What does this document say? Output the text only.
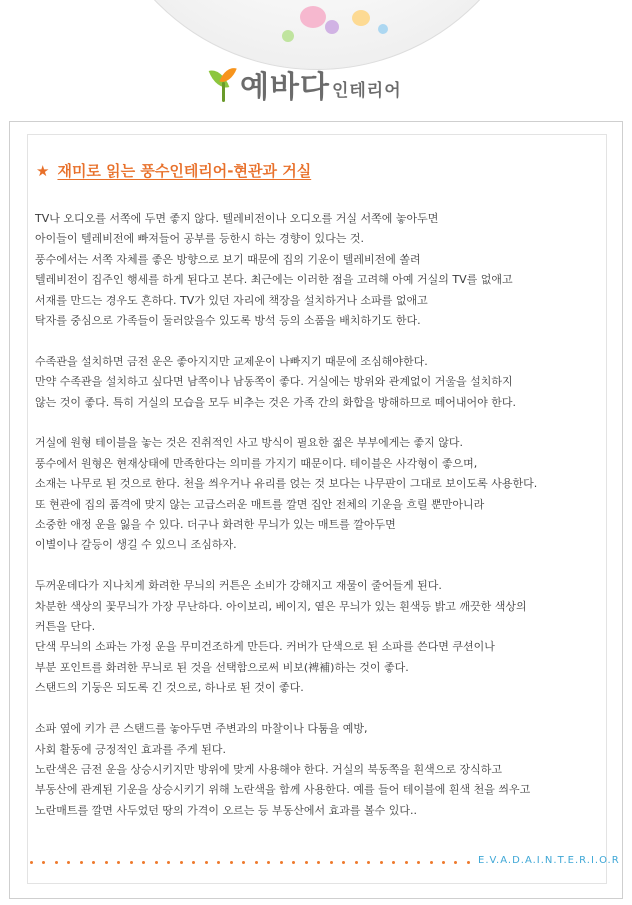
예바다 인테리어
★ 재미로 읽는 풍수인테리어-현관과 거실

TV나 오디오를 서쪽에 두면 좋지 않다. 텔레비전이나 오디오를 거실 서쪽에 놓아두면
아이들이 텔레비전에 빠져들어 공부를 등한시 하는 경향이 있다는 것.
풍수에서는 서쪽 자체를 좋은 방향으로 보기 때문에 집의 기운이 텔레비전에 쏠려
텔레비전이 집주인 행세를 하게 된다고 본다. 최근에는 이러한 점을 고려해 아예 거실의 TV를 없애고
서재를 만드는 경우도 흔하다. TV가 있던 자리에 책장을 설치하거나 소파를 없애고
탁자를 중심으로 가족들이 둘러앉을수 있도록 방석 등의 소품을 배치하기도 한다.

수족관을 설치하면 금전 운은 좋아지지만 교제운이 나빠지기 때문에 조심해야한다.
만약 수족관을 설치하고 싶다면 남쪽이나 남동쪽이 좋다. 거실에는 방위와 관계없이 거울을 설치하지
않는 것이 좋다. 특히 거실의 모습을 모두 비추는 것은 가족 간의 화합을 방해하므로 떼어내어야 한다.

거실에 원형 테이블을 놓는 것은 진취적인 사고 방식이 필요한 젊은 부부에게는 좋지 않다.
풍수에서 원형은 현재상태에 만족한다는 의미를 가지기 때문이다. 테이블은 사각형이 좋으며,
소재는 나무로 된 것으로 한다. 천을 씌우거나 유리를 얹는 것 보다는 나무판이 그대로 보이도록 사용한다.
또 현관에 집의 품격에 맞지 않는 고급스러운 매트를 깔면 집안 전체의 기운을 흐릴 뿐만아니라
소중한 애정 운을 잃을 수 있다. 더구나 화려한 무늬가 있는 매트를 깔아두면
이별이나 갈등이 생길 수 있으니 조심하자.

두꺼운데다가 지나치게 화려한 무늬의 커튼은 소비가 강해지고 재물이 줄어들게 된다.
차분한 색상의 꽃무늬가 가장 무난하다. 아이보리, 베이지, 옅은 무늬가 있는 흰색등 밝고 깨끗한 색상의
커튼을 단다.
단색 무늬의 소파는 가정 운을 무미건조하게 만든다. 커버가 단색으로 된 소파를 쓴다면 쿠션이나
부분 포인트를 화려한 무늬로 된 것을 선택함으로써 비보(裨補)하는 것이 좋다.
스탠드의 기둥은 되도록 긴 것으로, 하나로 된 것이 좋다.

소파 옆에 키가 큰 스탠드를 놓아두면 주변과의 마찰이나 다툼을 예방,
사회 활동에 긍정적인 효과를 주게 된다.
노란색은 금전 운을 상승시키지만 방위에 맞게 사용해야 한다. 거실의 북동쪽을 흰색으로 장식하고
부동산에 관계된 기운을 상승시키기 위해 노란색을 함께 사용한다. 예를 들어 테이블에 흰색 천을 씌우고
노란매트를 깔면 사두었던 땅의 가격이 오르는 등 부동산에서 효과를 볼수 있다..

E.V.A.D.A.I.N.T.E.R.I.O.R
